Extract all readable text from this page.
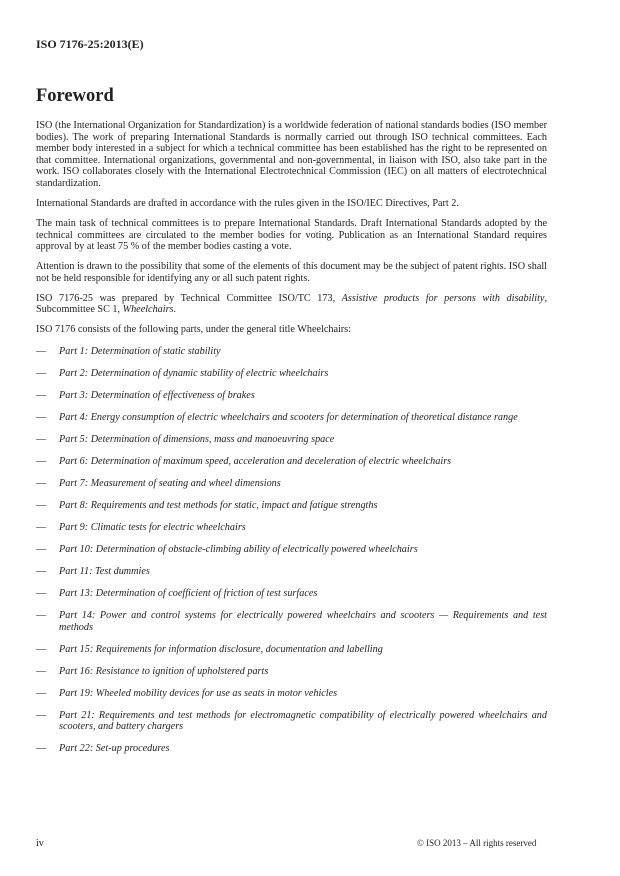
ISO 7176-25:2013(E)
Foreword

ISO (the International Organization for Standardization) is a worldwide federation of national standards bodies (ISO member bodies). The work of preparing International Standards is normally carried out through ISO technical committees. Each member body interested in a subject for which a technical committee has been established has the right to be represented on that committee. International organizations, governmental and non-governmental, in liaison with ISO, also take part in the work. ISO collaborates closely with the International Electrotechnical Commission (IEC) on all matters of electrotechnical standardization.

International Standards are drafted in accordance with the rules given in the ISO/IEC Directives, Part 2.

The main task of technical committees is to prepare International Standards. Draft International Standards adopted by the technical committees are circulated to the member bodies for voting. Publication as an International Standard requires approval by at least 75 % of the member bodies casting a vote.

Attention is drawn to the possibility that some of the elements of this document may be the subject of patent rights. ISO shall not be held responsible for identifying any or all such patent rights.

ISO 7176-25 was prepared by Technical Committee ISO/TC 173, Assistive products for persons with disability, Subcommittee SC 1, Wheelchairs.

ISO 7176 consists of the following parts, under the general title Wheelchairs:

—	Part 1: Determination of static stability
—	Part 2: Determination of dynamic stability of electric wheelchairs
—	Part 3: Determination of effectiveness of brakes
—	Part 4: Energy consumption of electric wheelchairs and scooters for determination of theoretical distance range
—	Part 5: Determination of dimensions, mass and manoeuvring space
—	Part 6: Determination of maximum speed, acceleration and deceleration of electric wheelchairs
—	Part 7: Measurement of seating and wheel dimensions
—	Part 8: Requirements and test methods for static, impact and fatigue strengths
—	Part 9: Climatic tests for electric wheelchairs
—	Part 10: Determination of obstacle-climbing ability of electrically powered wheelchairs
—	Part 11: Test dummies
—	Part 13: Determination of coefficient of friction of test surfaces
—	Part 14: Power and control systems for electrically powered wheelchairs and scooters — Requirements and test methods
—	Part 15: Requirements for information disclosure, documentation and labelling
—	Part 16: Resistance to ignition of upholstered parts
—	Part 19: Wheeled mobility devices for use as seats in motor vehicles
—	Part 21: Requirements and test methods for electromagnetic compatibility of electrically powered wheelchairs and scooters, and battery chargers
—	Part 22: Set-up procedures
iv	© ISO 2013 – All rights reserved
